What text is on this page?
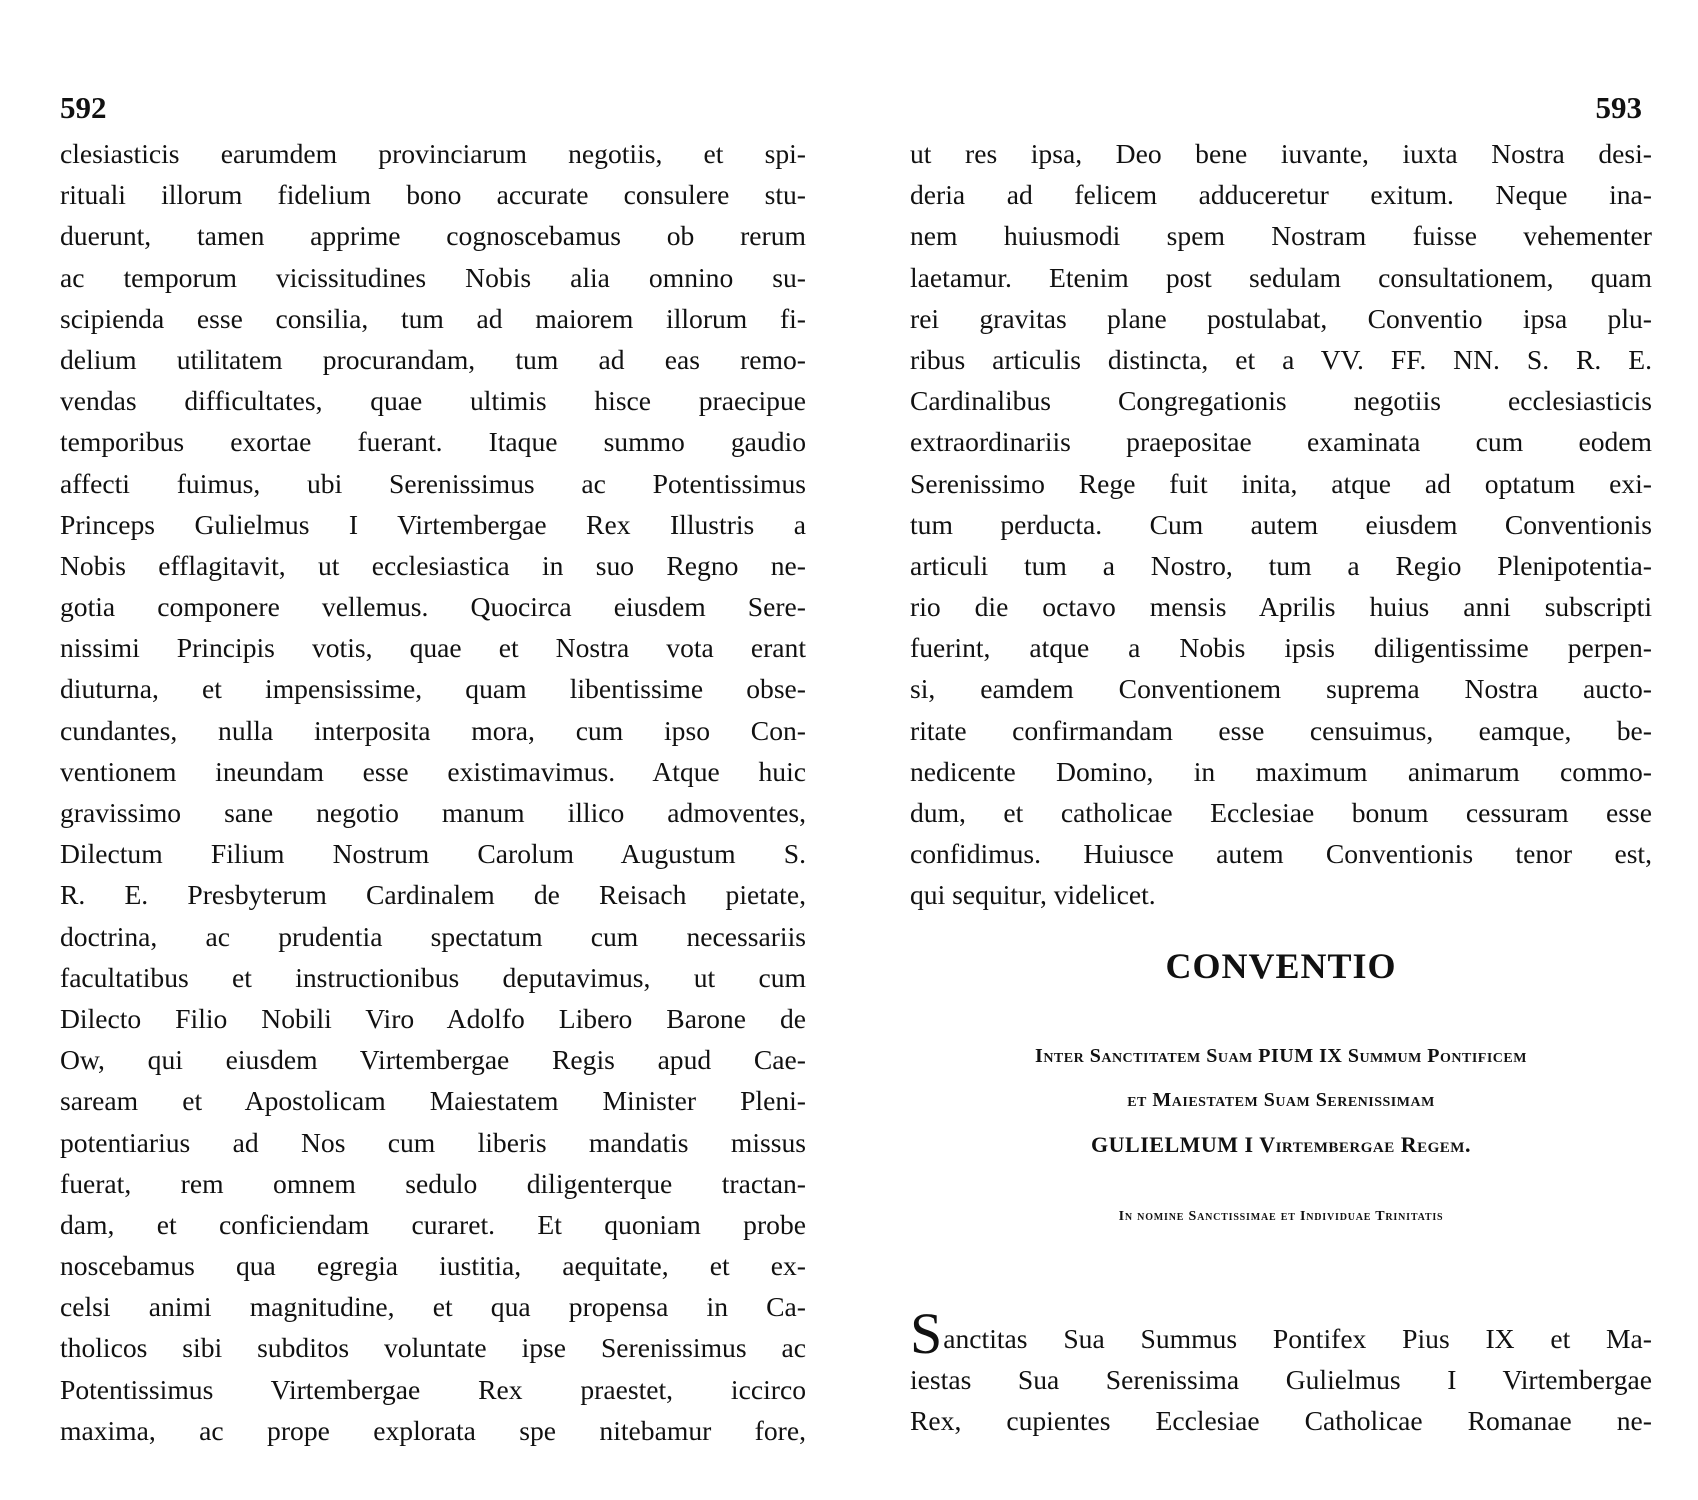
592
clesiasticis earumdem provinciarum negotiis, et spi-
rituali illorum fidelium bono accurate consulere stu-
duerunt, tamen apprime cognoscebamus ob rerum
ac temporum vicissitudines Nobis alia omnino su-
scipienda esse consilia, tum ad maiorem illorum fi-
delium utilitatem procurandam, tum ad eas remo-
vendas difficultates, quae ultimis hisce praecipue
temporibus exortae fuerant. Itaque summo gaudio
affecti fuimus, ubi Serenissimus ac Potentissimus
Princeps Gulielmus I Virtembergae Rex Illustris a
Nobis efflagitavit, ut ecclesiastica in suo Regno ne-
gotia componere vellemus. Quocirca eiusdem Sere-
nissimi Principis votis, quae et Nostra vota erant
diuturna, et impensissime, quam libentissime obse-
cundantes, nulla interposita mora, cum ipso Con-
ventionem ineundam esse existimavimus. Atque huic
gravissimo sane negotio manum illico admoventes,
Dilectum Filium Nostrum Carolum Augustum S.
R. E. Presbyterum Cardinalem de Reisach pietate,
doctrina, ac prudentia spectatum cum necessariis
facultatibus et instructionibus deputavimus, ut cum
Dilecto Filio Nobili Viro Adolfo Libero Barone de
Ow, qui eiusdem Virtembergae Regis apud Cae-
saream et Apostolicam Maiestatem Minister Pleni-
potentiarius ad Nos cum liberis mandatis missus
fuerat, rem omnem sedulo diligenterque tractan-
dam, et conficiendam curaret. Et quoniam probe
noscebamus qua egregia iustitia, aequitate, et ex-
celsi animi magnitudine, et qua propensa in Ca-
tholicos sibi subditos voluntate ipse Serenissimus ac
Potentissimus Virtembergae Rex praestet, iccirco
maxima, ac prope explorata spe nitebamur fore,
593
ut res ipsa, Deo bene iuvante, iuxta Nostra desi-
deria ad felicem adduceretur exitum. Neque ina-
nem huiusmodi spem Nostram fuisse vehementer
laetamur. Etenim post sedulam consultationem, quam
rei gravitas plane postulabat, Conventio ipsa plu-
ribus articulis distincta, et a VV. FF. NN. S. R. E.
Cardinalibus Congregationis negotiis ecclesiasticis
extraordinariis praepositae examinata cum eodem
Serenissimo Rege fuit inita, atque ad optatum exi-
tum perducta. Cum autem eiusdem Conventionis
articuli tum a Nostro, tum a Regio Plenipotentia-
rio die octavo mensis Aprilis huius anni subscripti
fuerint, atque a Nobis ipsis diligentissime perpen-
si, eamdem Conventionem suprema Nostra aucto-
ritate confirmandam esse censuimus, eamque, be-
nedicente Domino, in maximum animarum commo-
dum, et catholicae Ecclesiae bonum cessuram esse
confidimus. Huiusce autem Conventionis tenor est,
qui sequitur, videlicet.
CONVENTIO
Inter Sanctitatem Suam PIUM IX Summum Pontificem
et Maiestatem Suam Serenissimam
GULIELMUM I Virtembergae Regem.
In nomine Sanctissimae et Individuae Trinitatis
S anctitas Sua Summus Pontifex Pius IX et Ma-
iestas Sua Serenissima Gulielmus I Virtembergae
Rex, cupientes Ecclesiae Catholicae Romanae ne-
